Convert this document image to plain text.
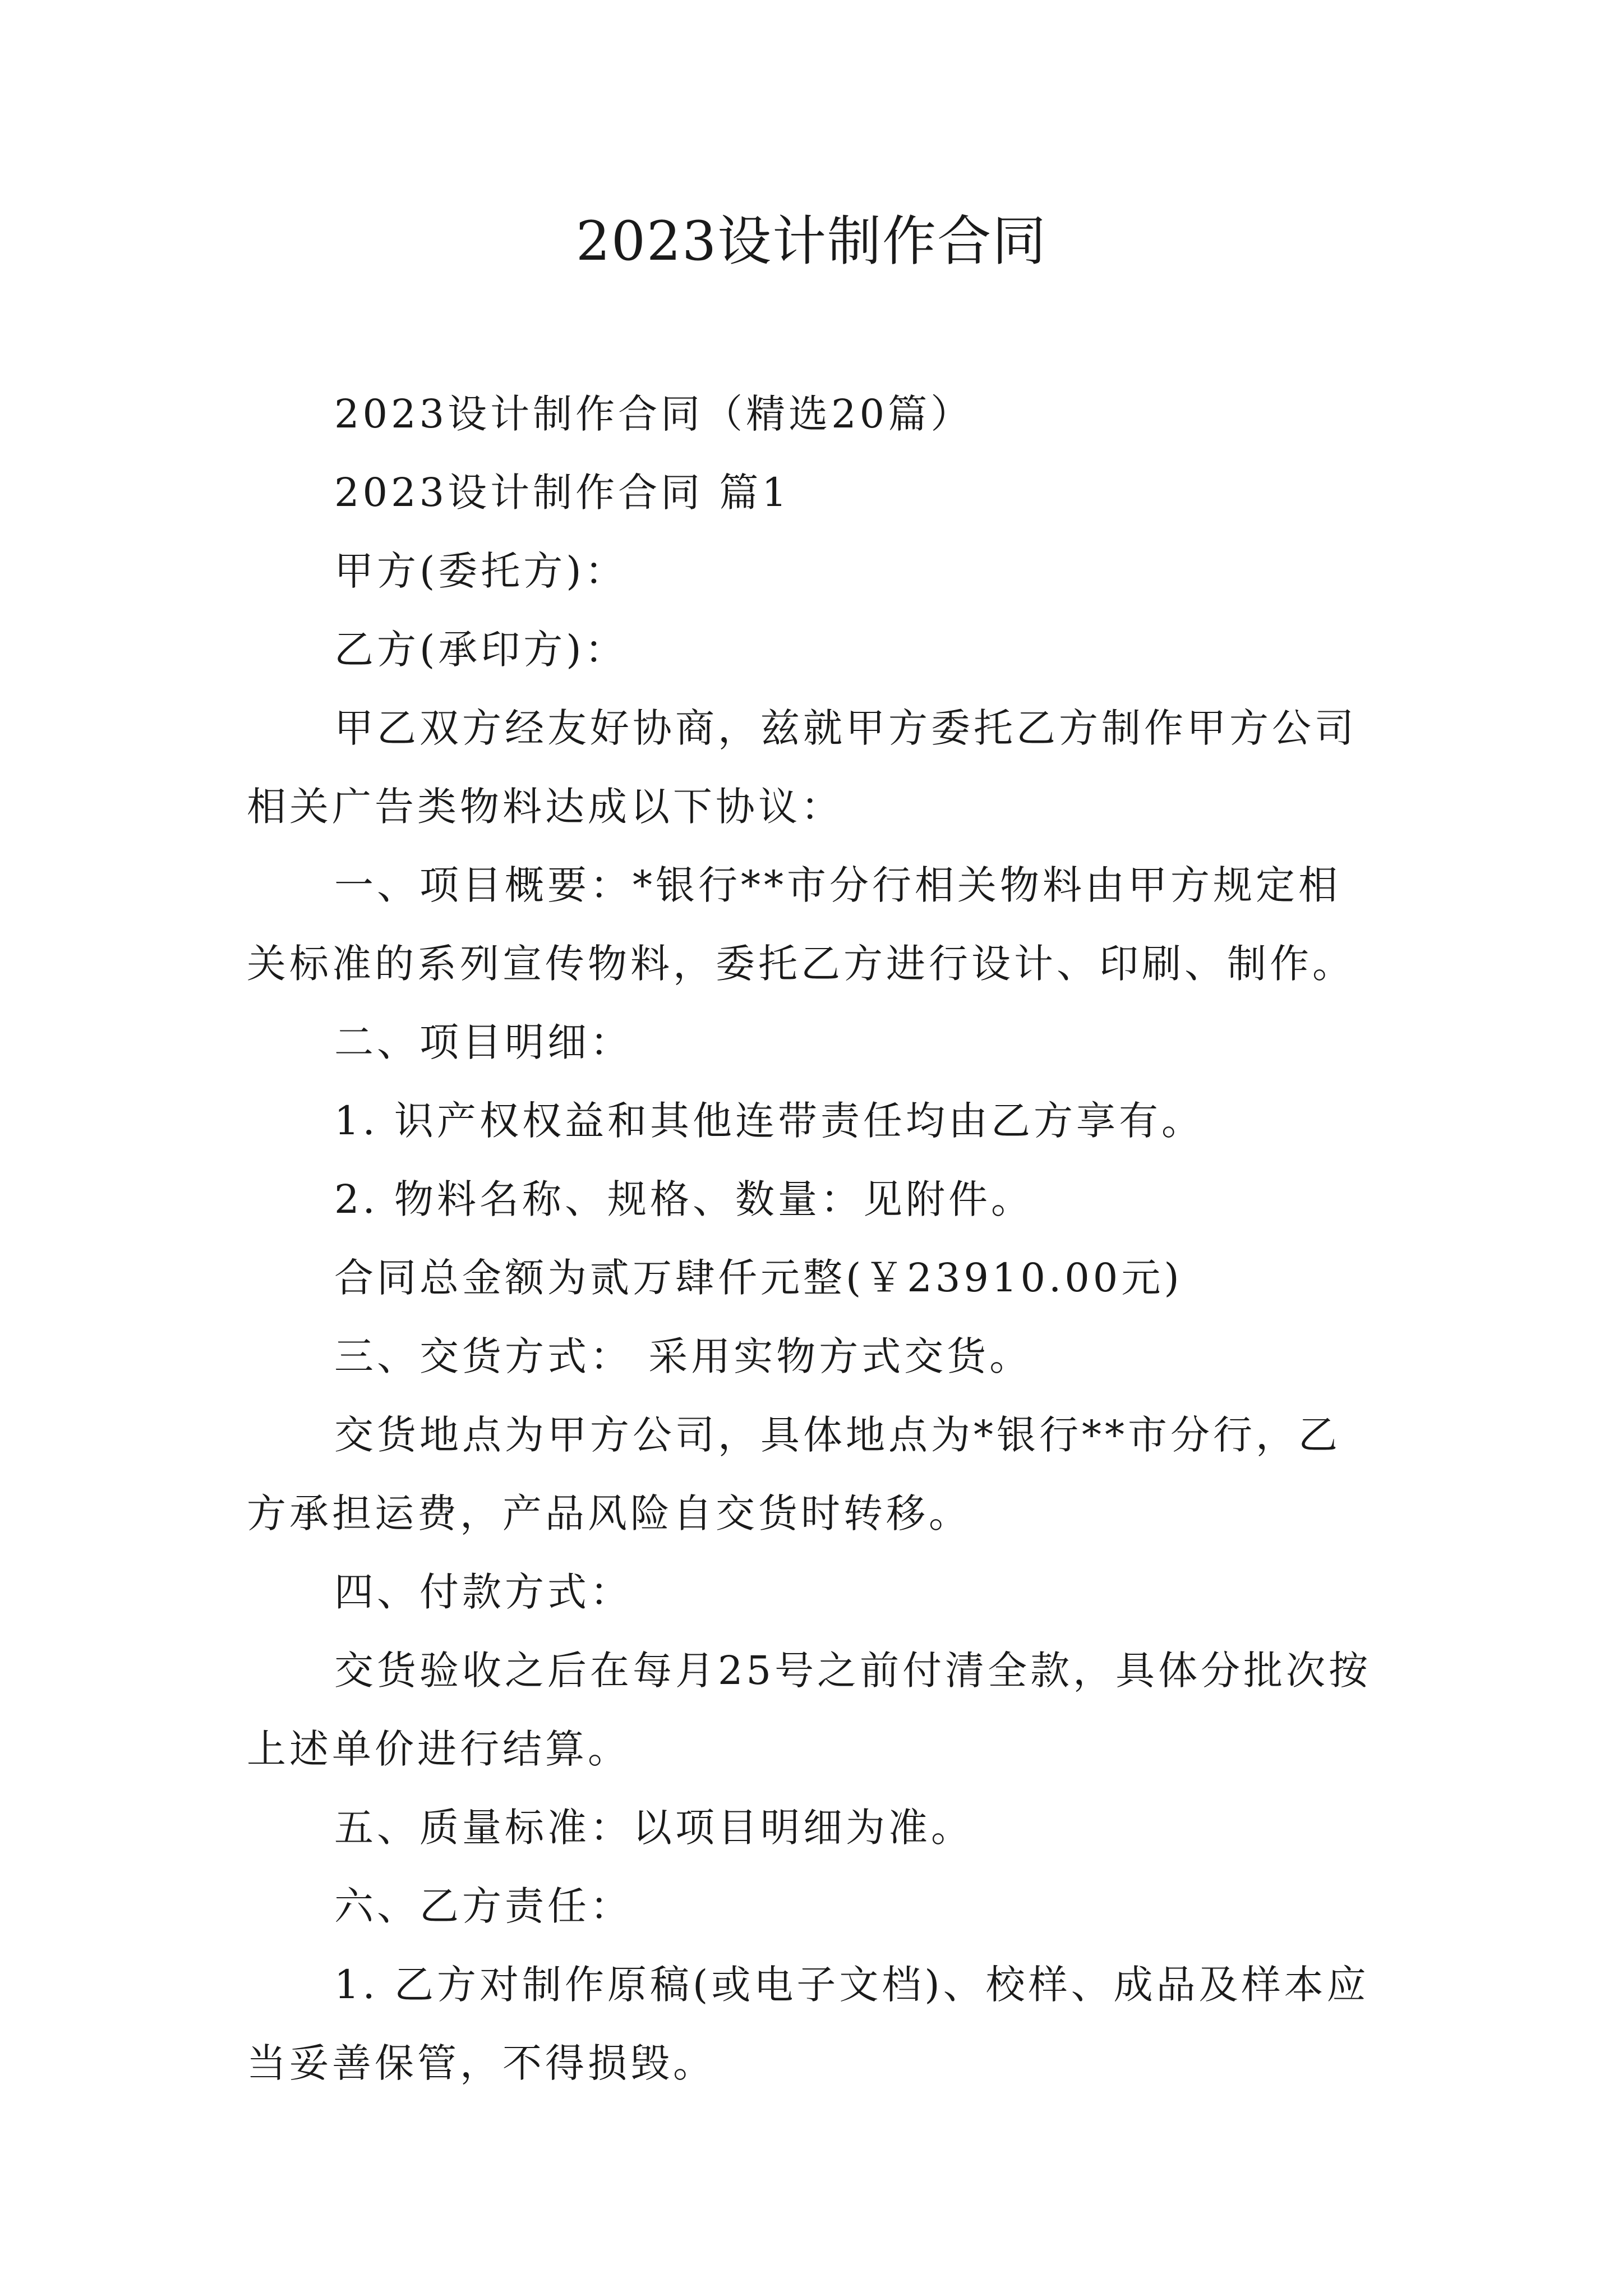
2023设计制作合同

2023设计制作合同（精选20篇）

2023设计制作合同 篇1

甲方(委托方)：

乙方(承印方)：

甲乙双方经友好协商，兹就甲方委托乙方制作甲方公司相关广告类物料达成以下协议：

一、项目概要：*银行**市分行相关物料由甲方规定相关标准的系列宣传物料，委托乙方进行设计、印刷、制作。

二、项目明细：

1. 识产权权益和其他连带责任均由乙方享有。

2. 物料名称、规格、数量：见附件。

合同总金额为贰万肆仟元整(￥23910.00元)

三、交货方式： 采用实物方式交货。

交货地点为甲方公司，具体地点为*银行**市分行，乙方承担运费，产品风险自交货时转移。

四、付款方式：

交货验收之后在每月25号之前付清全款，具体分批次按上述单价进行结算。

五、质量标准：以项目明细为准。

六、乙方责任：

1. 乙方对制作原稿(或电子文档)、校样、成品及样本应当妥善保管，不得损毁。
